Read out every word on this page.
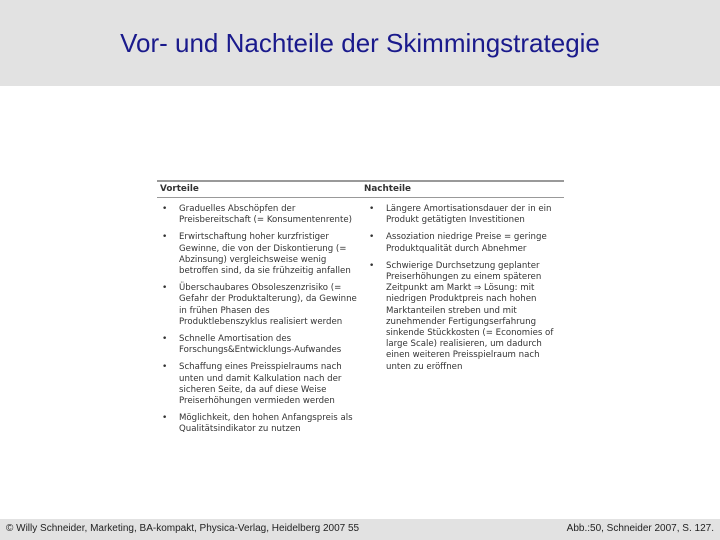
Vor- und Nachteile der Skimmingstrategie
Vorteile	Nachteile
• Graduelles Abschöpfen der Preisbereitschaft (= Konsumentenrente)
• Erwirtschaftung hoher kurzfristiger Gewinne, die von der Diskontierung (= Abzinsung) vergleichsweise wenig betroffen sind, da sie frühzeitig anfallen
• Überschaubares Obsoleszenzrisiko (= Gefahr der Produktalterung), da Gewinne in frühen Phasen des Produktlebenszyklus realisiert werden
• Schnelle Amortisation des Forschungs&Entwicklungs-Aufwandes
• Schaffung eines Preisspielraums nach unten und damit Kalkulation nach der sicheren Seite, da auf diese Weise Preiserhöhungen vermieden werden
• Möglichkeit, den hohen Anfangspreis als Qualitätsindikator zu nutzen
• Längere Amortisationsdauer der in ein Produkt getätigten Investitionen
• Assoziation niedrige Preise = geringe Produktqualität durch Abnehmer
• Schwierige Durchsetzung geplanter Preiserhöhungen zu einem späteren Zeitpunkt am Markt ⇒ Lösung: mit niedrigen Produktpreis nach hohen Marktanteilen streben und mit zunehmender Fertigungserfahrung sinkende Stückkosten (= Economies of large Scale) realisieren, um dadurch einen weiteren Preisspielraum nach unten zu eröffnen
© Willy Schneider, Marketing, BA-kompakt, Physica-Verlag, Heidelberg 2007 55	Abb.:50, Schneider 2007, S. 127.
